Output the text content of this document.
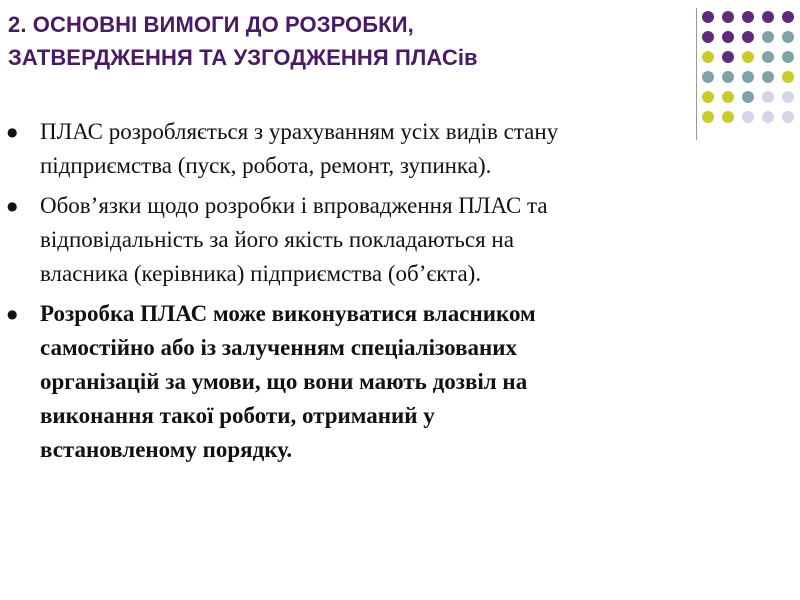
2. ОСНОВНІ ВИМОГИ ДО РОЗРОБКИ,
ЗАТВЕРДЖЕННЯ ТА УЗГОДЖЕННЯ ПЛАСів
● ПЛАС розробляється з урахуванням усіх видів стану
підприємства (пуск, робота, ремонт, зупинка).
● Обов’язки щодо розробки і впровадження ПЛАС та
відповідальність за його якість покладаються на
власника (керівника) підприємства (об’єкта).
● Розробка ПЛАС може виконуватися власником
самостійно або із залученням спеціалізованих
організацій за умови, що вони мають дозвіл на
виконання такої роботи, отриманий у
встановленому порядку.
